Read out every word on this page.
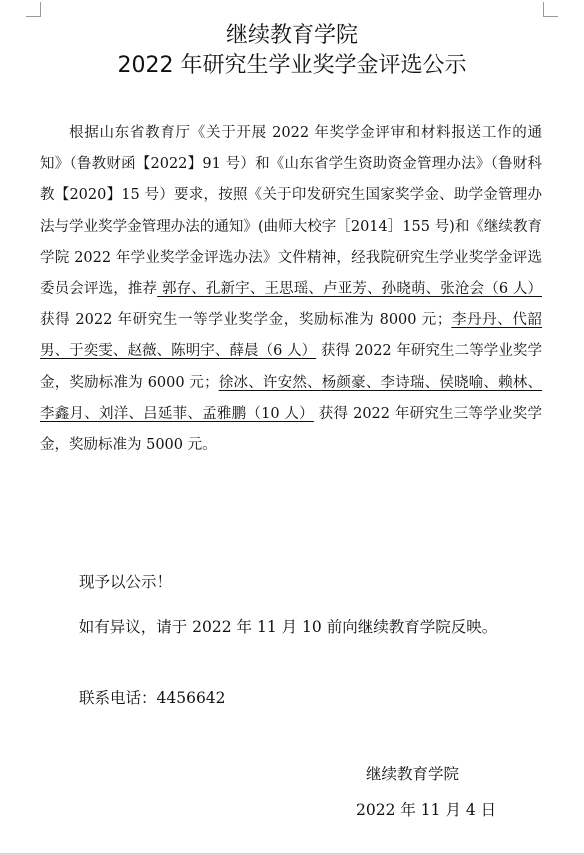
继续教育学院
2022 年研究生学业奖学金评选公示

根据山东省教育厅《关于开展 2022 年奖学金评审和材料报送工作的通知》（鲁教财函【2022】91 号）和《山东省学生资助资金管理办法》（鲁财科教【2020】15 号）要求，按照《关于印发研究生国家奖学金、助学金管理办法与学业奖学金管理办法的通知》(曲师大校字［2014］155 号)和《继续教育学院 2022 年学业奖学金评选办法》文件精神，经我院研究生学业奖学金评选委员会评选，推荐 郭存、孔新宇、王思瑶、卢亚芳、孙晓萌、张沧会（6 人） 获得 2022 年研究生一等学业奖学金，奖励标准为 8000 元；李丹丹、代韶男、于奕雯、赵薇、陈明宇、薛晨（6 人） 获得 2022 年研究生二等学业奖学金，奖励标准为 6000 元；徐冰、许安然、杨颜豪、李诗瑞、侯晓喻、赖林、李鑫月、刘洋、吕延菲、孟雅鹏（10 人） 获得 2022 年研究生三等学业奖学金，奖励标准为 5000 元。

现予以公示！

如有异议，请于 2022 年 11 月 10 前向继续教育学院反映。

联系电话：4456642
继续教育学院
2022 年 11 月 4 日
